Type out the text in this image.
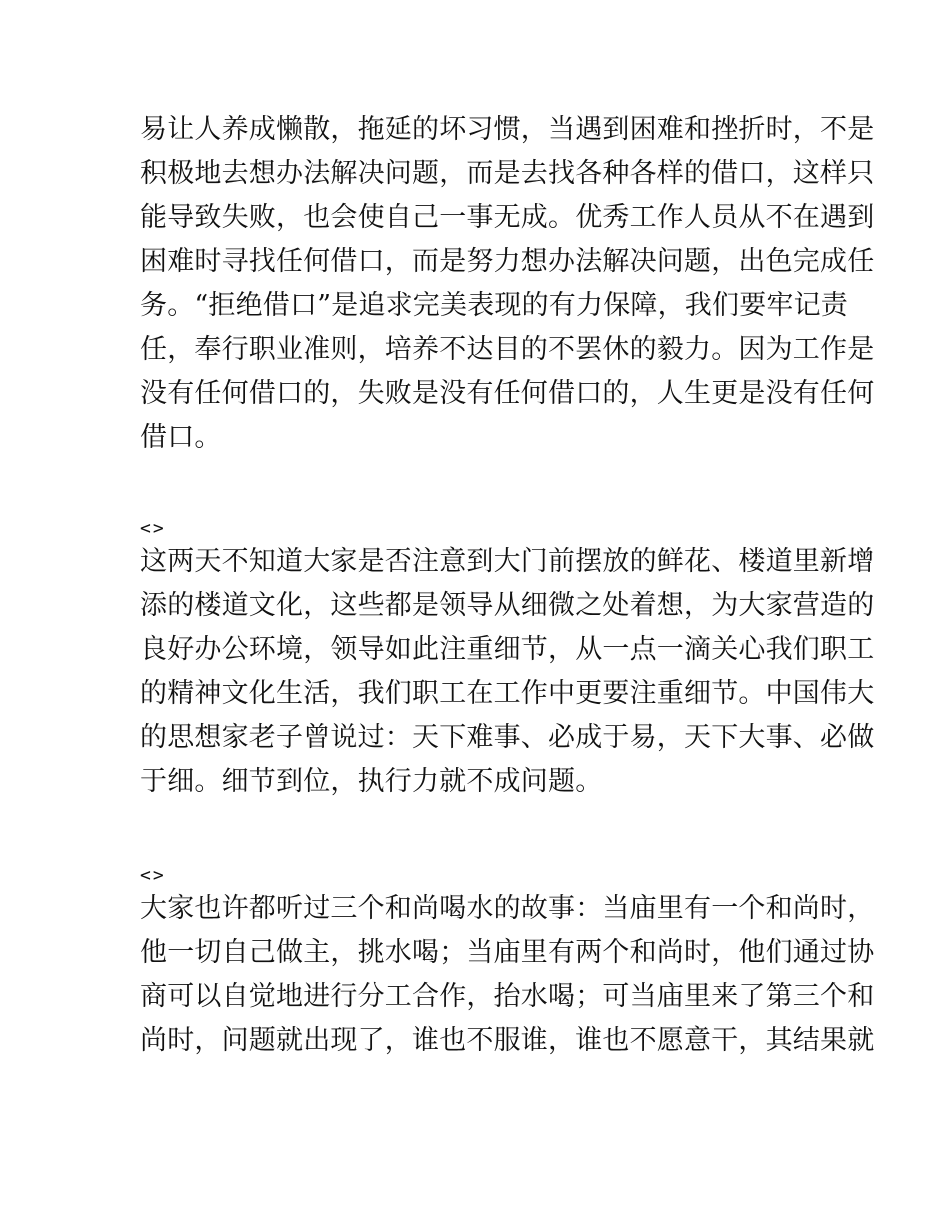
易让人养成懒散，拖延的坏习惯，当遇到困难和挫折时，不是
积极地去想办法解决问题，而是去找各种各样的借口，这样只
能导致失败，也会使自己一事无成。优秀工作人员从不在遇到
困难时寻找任何借口，而是努力想办法解决问题，出色完成任
务。“拒绝借口”是追求完美表现的有力保障，我们要牢记责
任，奉行职业准则，培养不达目的不罢休的毅力。因为工作是
没有任何借口的，失败是没有任何借口的，人生更是没有任何
借口。
<>
这两天不知道大家是否注意到大门前摆放的鲜花、楼道里新增
添的楼道文化，这些都是领导从细微之处着想，为大家营造的
良好办公环境，领导如此注重细节，从一点一滴关心我们职工
的精神文化生活，我们职工在工作中更要注重细节。中国伟大
的思想家老子曾说过：天下难事、必成于易，天下大事、必做
于细。细节到位，执行力就不成问题。
<>
大家也许都听过三个和尚喝水的故事：当庙里有一个和尚时，
他一切自己做主，挑水喝；当庙里有两个和尚时，他们通过协
商可以自觉地进行分工合作，抬水喝；可当庙里来了第三个和
尚时，问题就出现了，谁也不服谁，谁也不愿意干，其结果就
